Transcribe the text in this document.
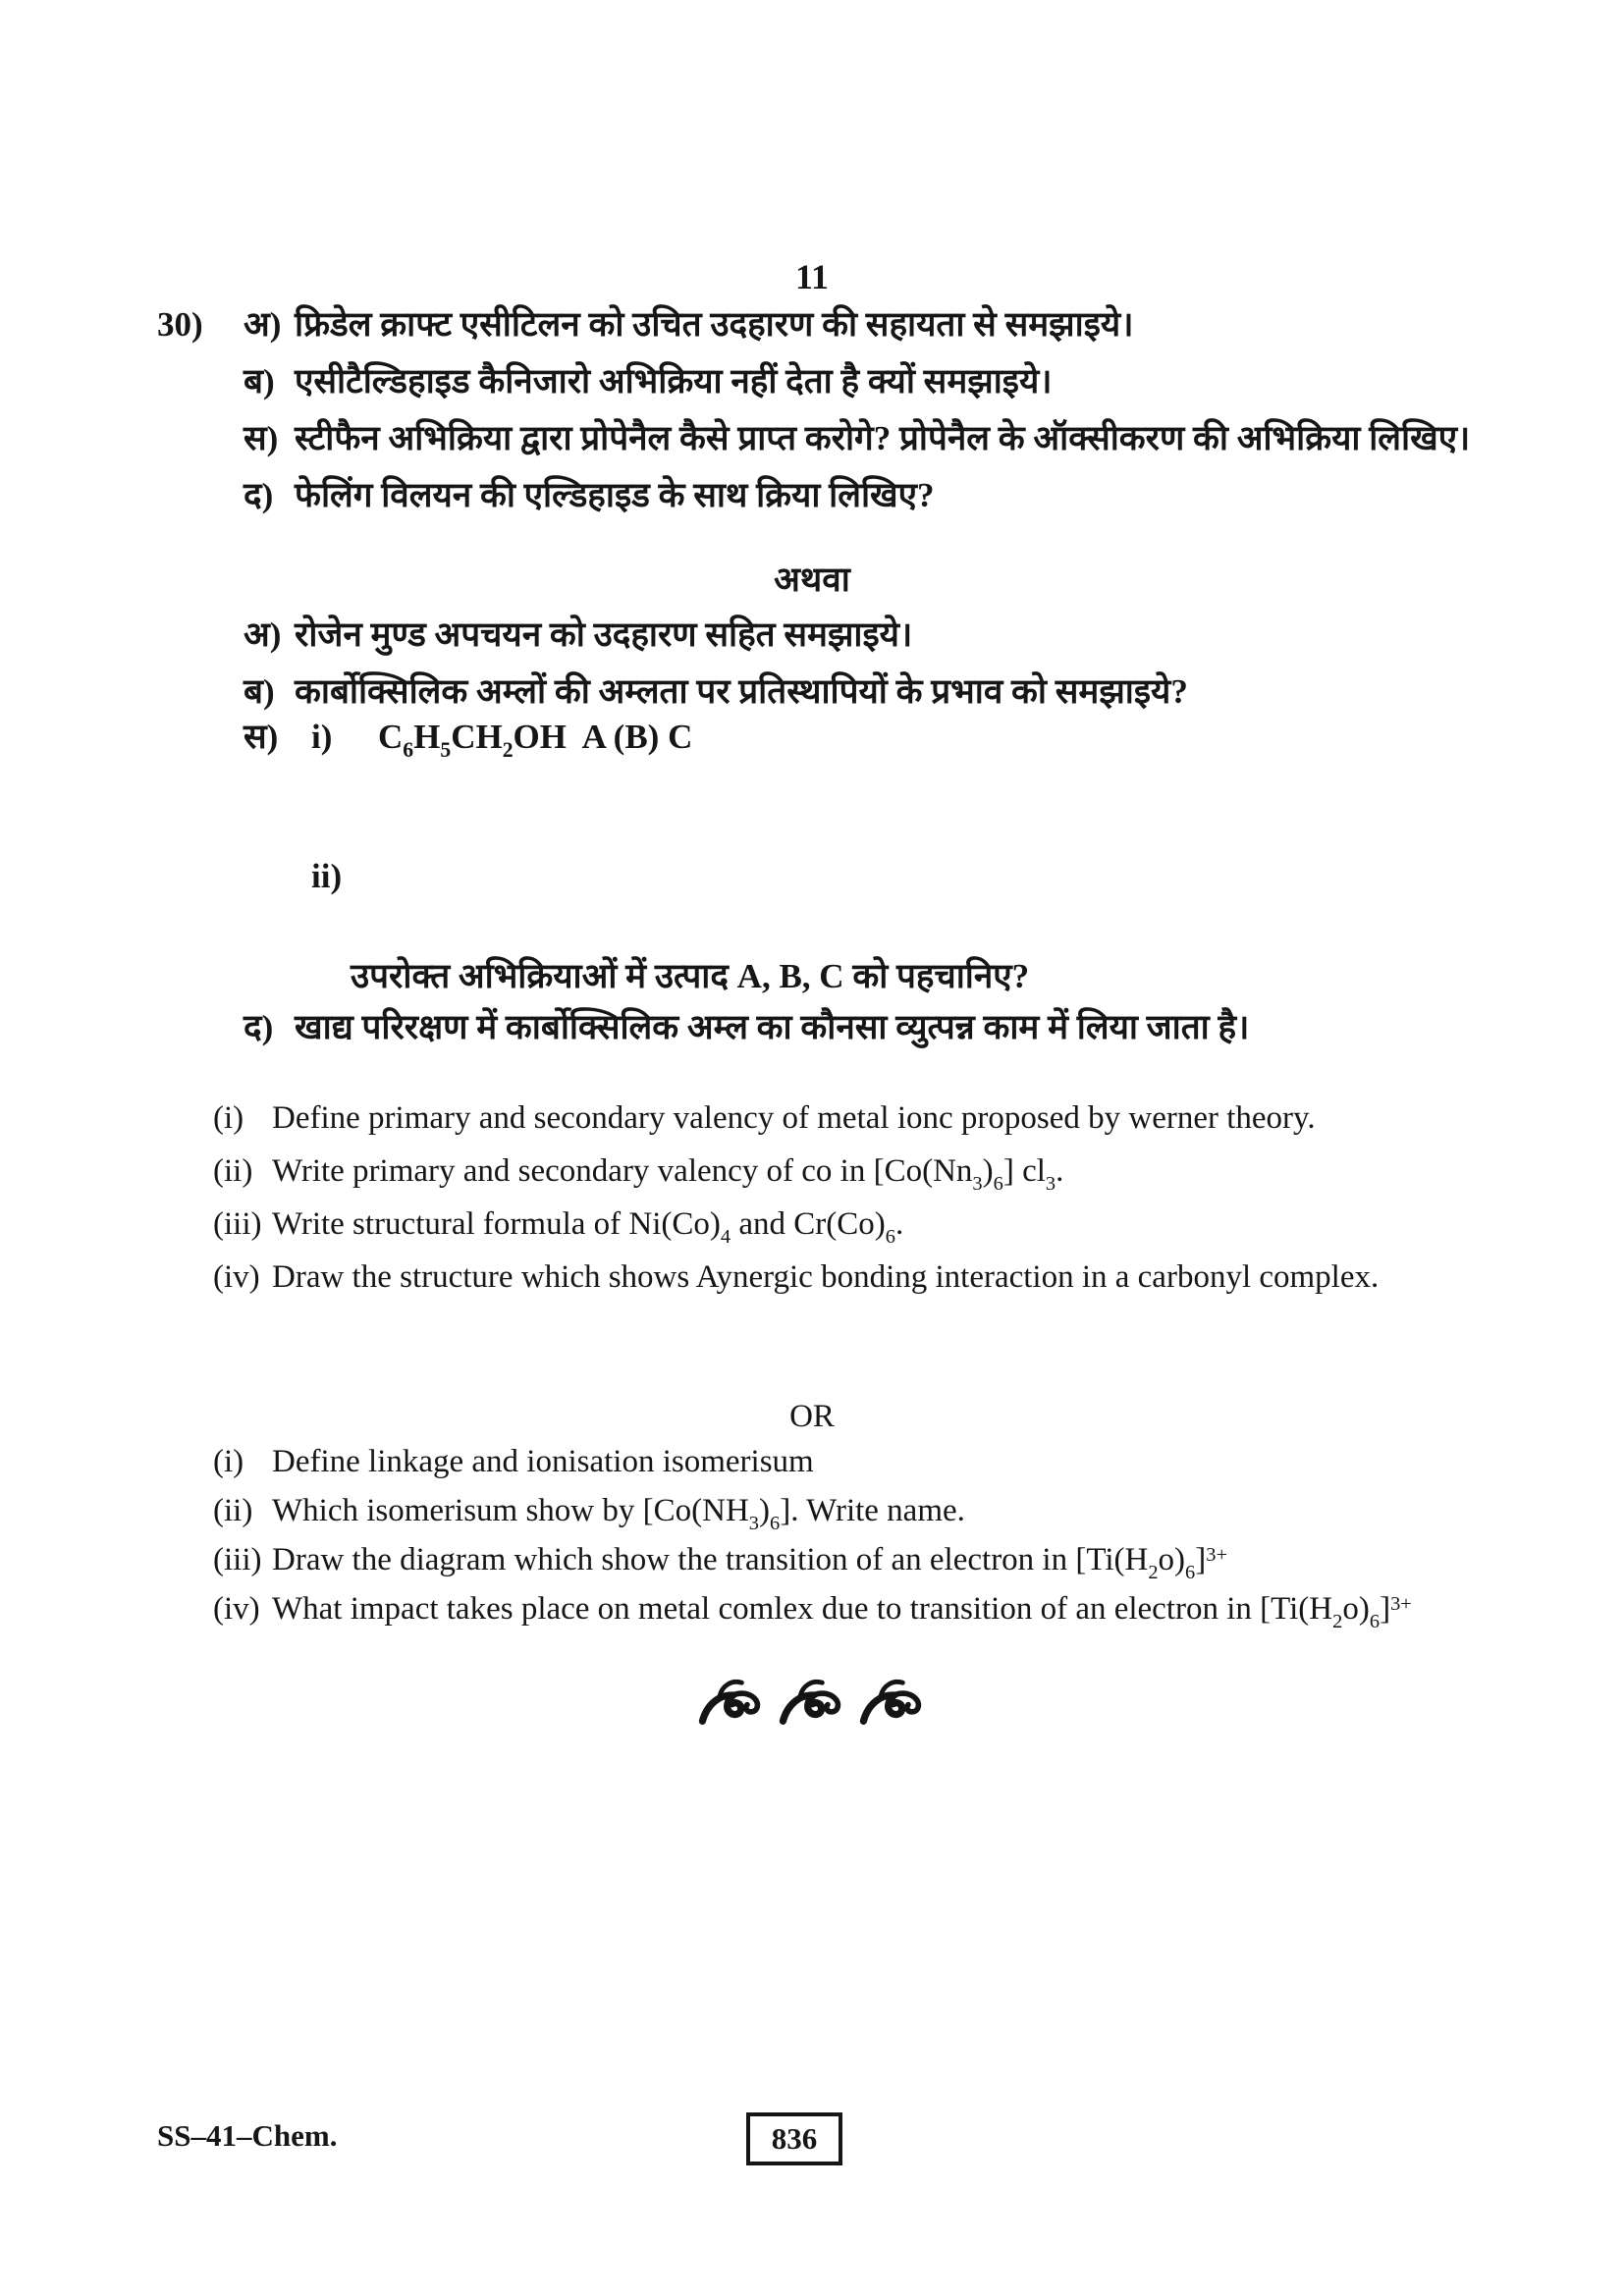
11
30)	अ) फ्रिडेल क्राफ्ट एसीटिलन को उचित उदहारण की सहायता से समझाइये।
ब) एसीटैल्डिहाइड कैनिजारो अभिक्रिया नहीं देता है क्यों समझाइये।
स) स्टीफैन अभिक्रिया द्वारा प्रोपेनैल कैसे प्राप्त करोगे? प्रोपेनैल के ऑक्सीकरण की अभिक्रिया लिखिए।
द) फेलिंग विलयन की एल्डिहाइड के साथ क्रिया लिखिए?
अथवा
अ) रोजेन मुण्ड अपचयन को उदहारण सहित समझाइये।
ब) कार्बोक्सिलिक अम्लों की अम्लता पर प्रतिस्थापियों के प्रभाव को समझाइये?
स) i)	$C_6H_5CH_2OH$  A (B) C
ii)
उपरोक्त अभिक्रियाओं में उत्पाद A, B, C को पहचानिए?
द) खाद्य परिरक्षण में कार्बोक्सिलिक अम्ल का कौनसा व्युत्पन्न काम में लिया जाता है।
(i) Define primary and secondary valency of metal ionc proposed by werner theory.
(ii) Write primary and secondary valency of co in $[Co(Nn_3)_6]$ $cl_3$.
(iii) Write structural formula of $Ni(Co)_4$ and $Cr(Co)_6$.
(iv) Draw the structure which shows Aynergic bonding interaction in a carbonyl complex.
OR
(i) Define linkage and ionisation isomerisum
(ii) Which isomerisum show by $[Co(NH_3)_6]$. Write name.
(iii) Draw the diagram which show the transition of an electron in $[Ti(H_2o)_6]^{3+}$
(iv) What impact takes place on metal comlex due to transition of an electron in $[Ti(H_2o)_6]^{3+}$
SS–41–Chem.	836
